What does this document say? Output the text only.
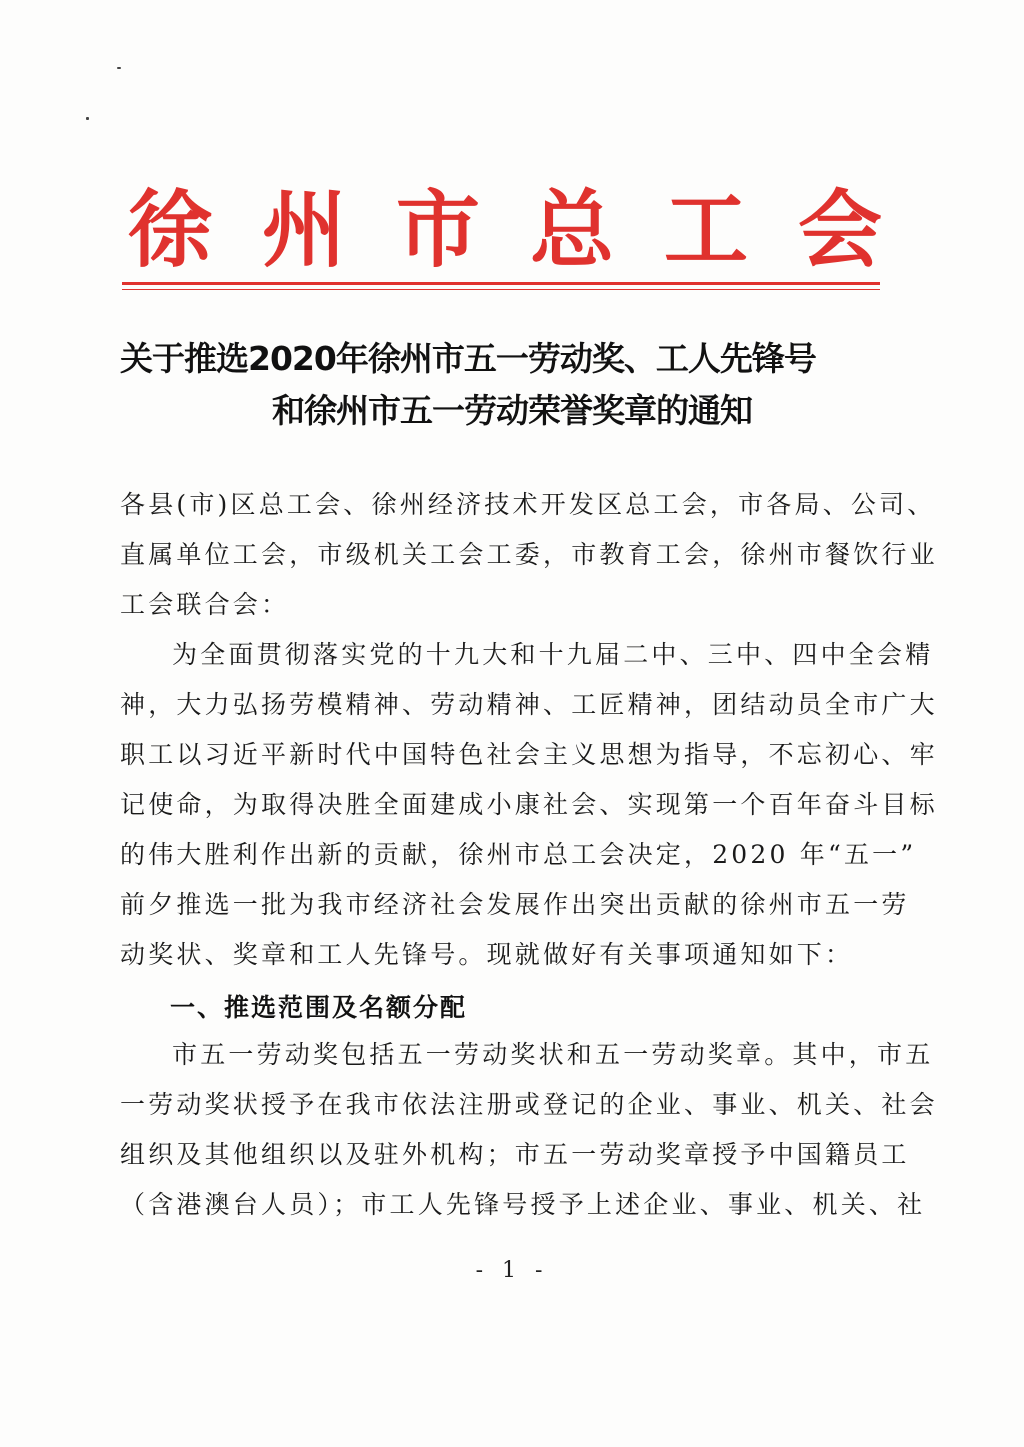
徐 州 市 总 工 会
关于推选2020年徐州市五一劳动奖、工人先锋号
和徐州市五一劳动荣誉奖章的通知
各县(市)区总工会、徐州经济技术开发区总工会，市各局、公司、
直属单位工会，市级机关工会工委，市教育工会，徐州市餐饮行业
工会联合会：
为全面贯彻落实党的十九大和十九届二中、三中、四中全会精
神，大力弘扬劳模精神、劳动精神、工匠精神，团结动员全市广大
职工以习近平新时代中国特色社会主义思想为指导，不忘初心、牢
记使命，为取得决胜全面建成小康社会、实现第一个百年奋斗目标
的伟大胜利作出新的贡献，徐州市总工会决定，2020 年“五一”
前夕推选一批为我市经济社会发展作出突出贡献的徐州市五一劳
动奖状、奖章和工人先锋号。现就做好有关事项通知如下：
一、推选范围及名额分配
市五一劳动奖包括五一劳动奖状和五一劳动奖章。其中，市五
一劳动奖状授予在我市依法注册或登记的企业、事业、机关、社会
组织及其他组织以及驻外机构；市五一劳动奖章授予中国籍员工
（含港澳台人员）；市工人先锋号授予上述企业、事业、机关、社
- 1 -
